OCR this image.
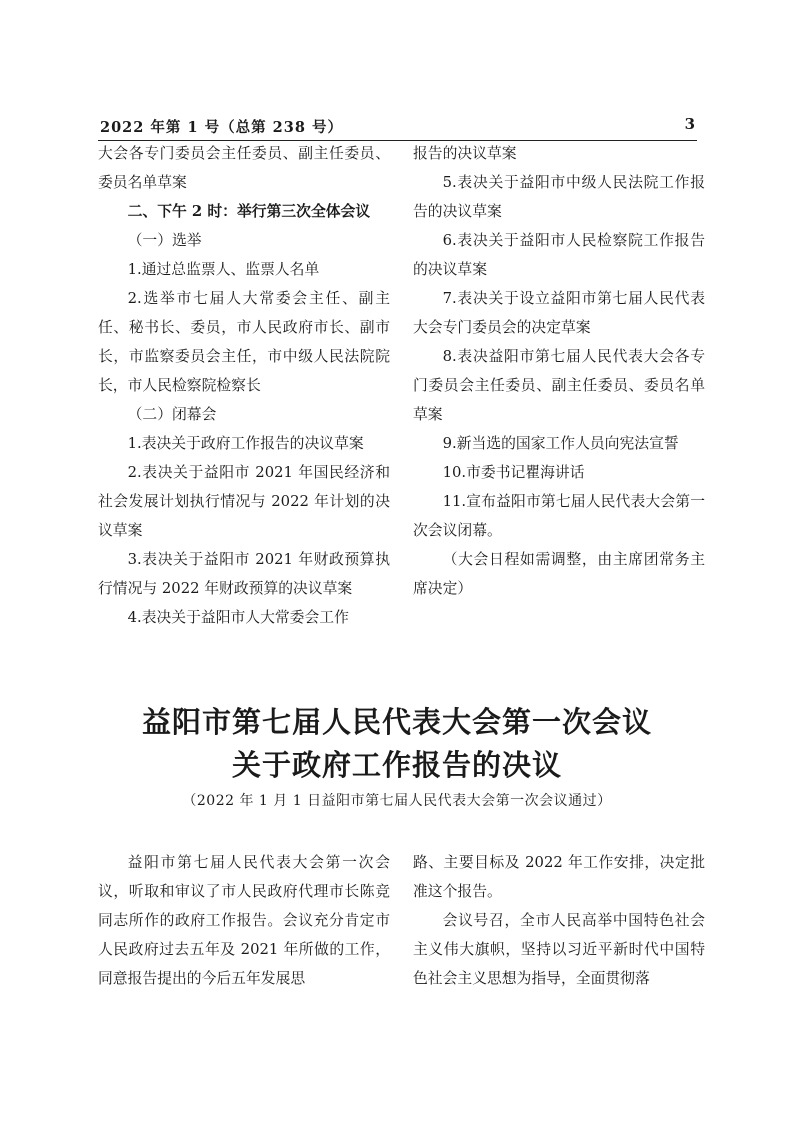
2022 年第 1 号（总第 238 号）	3

大会各专门委员会主任委员、副主任委员、委员名单草案

二、下午 2 时：举行第三次全体会议

（一）选举

1.通过总监票人、监票人名单

2.选举市七届人大常委会主任、副主任、秘书长、委员，市人民政府市长、副市长，市监察委员会主任，市中级人民法院院长，市人民检察院检察长

（二）闭幕会

1.表决关于政府工作报告的决议草案

2.表决关于益阳市 2021 年国民经济和社会发展计划执行情况与 2022 年计划的决议草案

3.表决关于益阳市 2021 年财政预算执行情况与 2022 年财政预算的决议草案

4.表决关于益阳市人大常委会工作

报告的决议草案

5.表决关于益阳市中级人民法院工作报告的决议草案

6.表决关于益阳市人民检察院工作报告的决议草案

7.表决关于设立益阳市第七届人民代表大会专门委员会的决定草案

8.表决益阳市第七届人民代表大会各专门委员会主任委员、副主任委员、委员名单草案

9.新当选的国家工作人员向宪法宣誓

10.市委书记瞿海讲话

11.宣布益阳市第七届人民代表大会第一次会议闭幕。

（大会日程如需调整，由主席团常务主席决定）

益阳市第七届人民代表大会第一次会议
关于政府工作报告的决议
（2022 年 1 月 1 日益阳市第七届人民代表大会第一次会议通过）

益阳市第七届人民代表大会第一次会议，听取和审议了市人民政府代理市长陈竞同志所作的政府工作报告。会议充分肯定市人民政府过去五年及 2021 年所做的工作，同意报告提出的今后五年发展思

路、主要目标及 2022 年工作安排，决定批准这个报告。

会议号召，全市人民高举中国特色社会主义伟大旗帜，坚持以习近平新时代中国特色社会主义思想为指导，全面贯彻落
